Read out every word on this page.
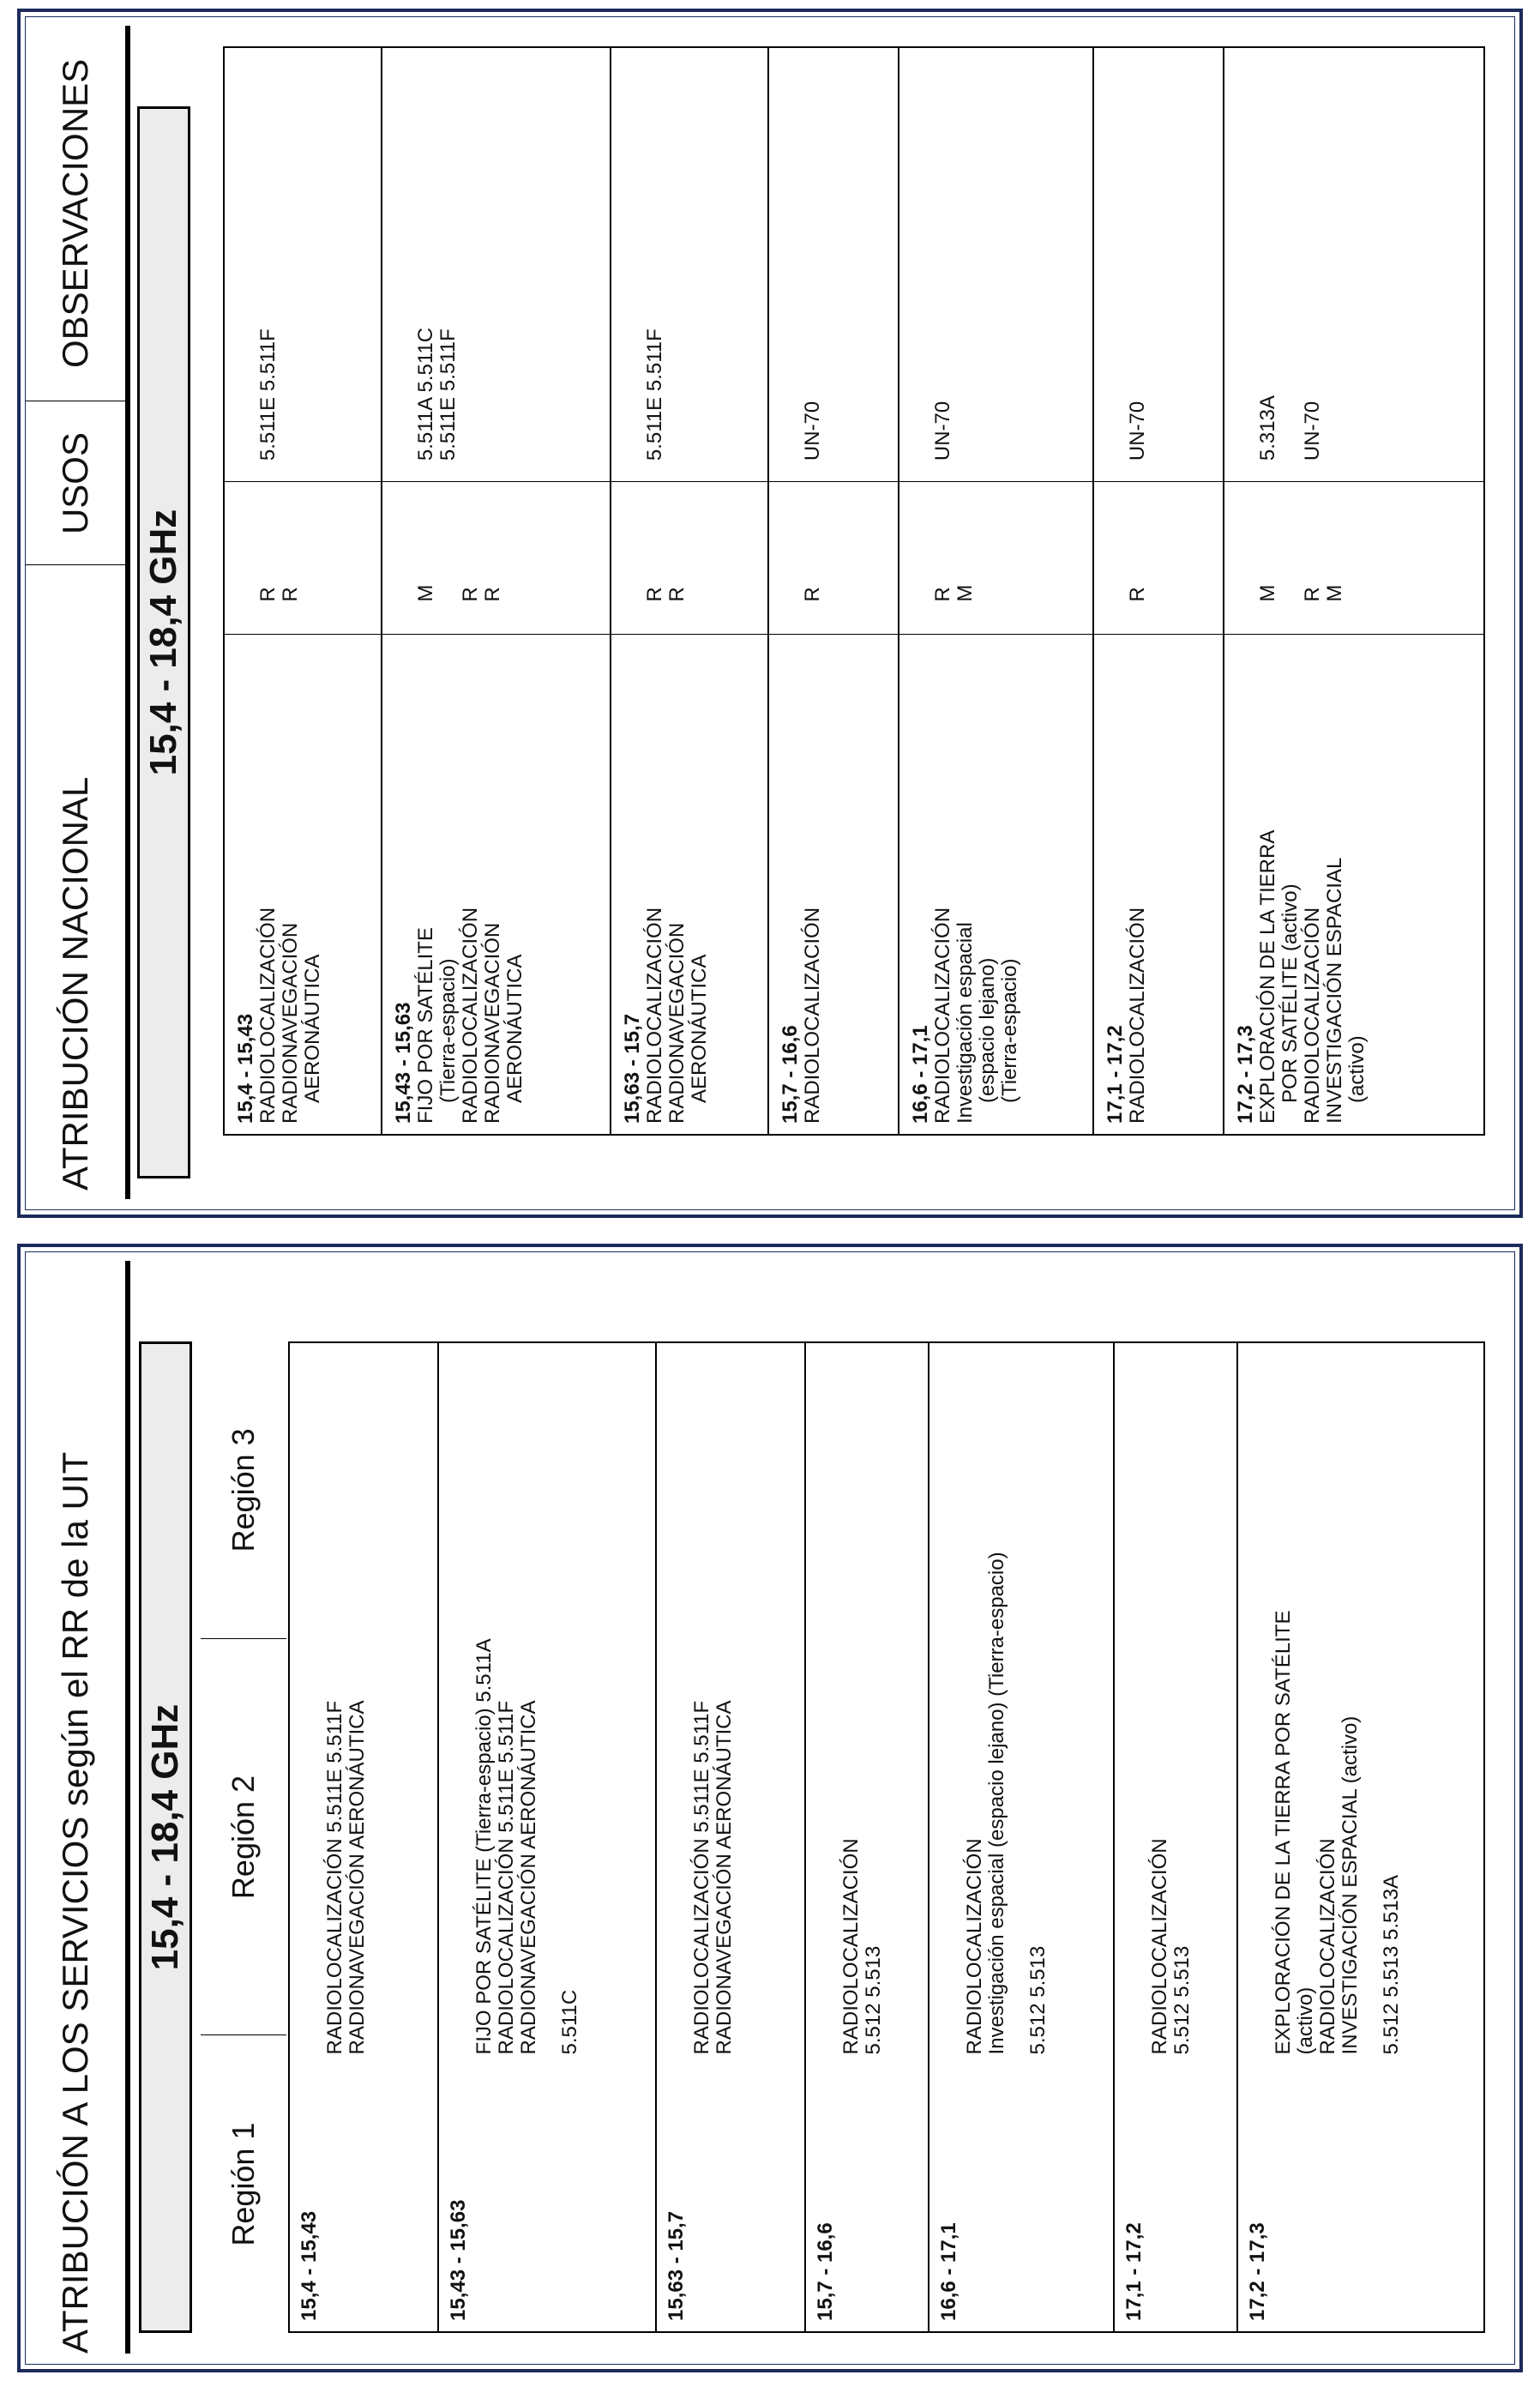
ATRIBUCIÓN A LOS SERVICIOS según el RR de la UIT 15,4 - 18,4 GHz
Región 1
Región 2
Región 3
15,4 - 15,43
RADIOLOCALIZACIÓN 5.511E 5.511F RADIONAVEGACIÓN AERONÁUTICA
15,43 - 15,63
FIJO POR SATÉLITE (Tierra-espacio) 5.511A RADIOLOCALIZACIÓN 5.511E 5.511F RADIONAVEGACIÓN AERONÁUTICA 5.511C
15,63 - 15,7
RADIOLOCALIZACIÓN 5.511E 5.511F RADIONAVEGACIÓN AERONÁUTICA
15,7 - 16,6
RADIOLOCALIZACIÓN 5.512 5.513
16,6 - 17,1
RADIOLOCALIZACIÓN Investigación espacial (espacio lejano) (Tierra-espacio) 5.512 5.513
17,1 - 17,2
RADIOLOCALIZACIÓN 5.512 5.513
17,2 - 17,3
EXPLORACIÓN DE LA TIERRA POR SATÉLITE (activo) RADIOLOCALIZACIÓN INVESTIGACIÓN ESPACIAL (activo) 5.512 5.513 5.513A
ATRIBUCIÓN NACIONAL
USOS
OBSERVACIONES
15,4 - 18,4 GHz
15,4 - 15,43 RADIOLOCALIZACIÓN RADIONAVEGACIÓN AERONÁUTICA
R R
5.511E 5.511F
15,43 - 15,63 FIJO POR SATÉLITE (Tierra-espacio) RADIOLOCALIZACIÓN RADIONAVEGACIÓN AERONÁUTICA
M R R
5.511A 5.511C 5.511E 5.511F
15,63 - 15,7 RADIOLOCALIZACIÓN RADIONAVEGACIÓN AERONÁUTICA
R R
5.511E 5.511F
15,7 - 16,6 RADIOLOCALIZACIÓN
R
UN-70
16,6 - 17,1 RADIOLOCALIZACIÓN Investigación espacial (espacio lejano) (Tierra-espacio)
R M
UN-70
17,1 - 17,2 RADIOLOCALIZACIÓN
R
UN-70
17,2 - 17,3 EXPLORACIÓN DE LA TIERRA POR SATÉLITE (activo) RADIOLOCALIZACIÓN INVESTIGACIÓN ESPACIAL (activo)
M R M
5.313A UN-70
